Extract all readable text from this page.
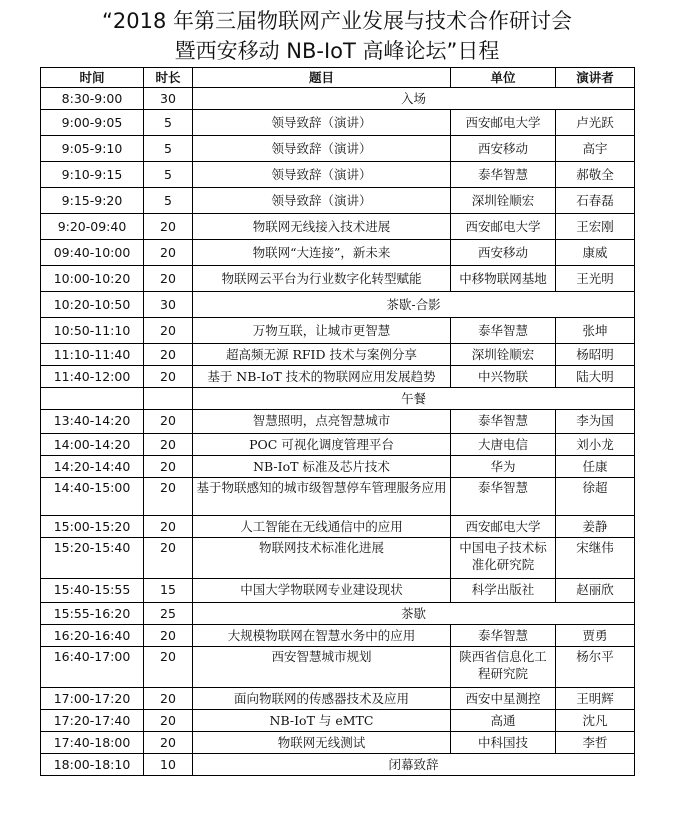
“2018 年第三届物联网产业发展与技术合作研讨会
暨西安移动 NB-IoT 高峰论坛”日程
时间	时长	题目	单位	演讲者
8:30-9:00	30	入场		
9:00-9:05	5	领导致辞（演讲）	西安邮电大学	卢光跃
9:05-9:10	5	领导致辞（演讲）	西安移动	高宇
9:10-9:15	5	领导致辞（演讲）	泰华智慧	郝敬全
9:15-9:20	5	领导致辞（演讲）	深圳铨顺宏	石春磊
9:20-09:40	20	物联网无线接入技术进展	西安邮电大学	王宏刚
09:40-10:00	20	物联网“大连接”，新未来	西安移动	康威
10:00-10:20	20	物联网云平台为行业数字化转型赋能	中移物联网基地	王光明
10:20-10:50	30	茶歇-合影		
10:50-11:10	20	万物互联，让城市更智慧	泰华智慧	张坤
11:10-11:40	20	超高频无源 RFID 技术与案例分享	深圳铨顺宏	杨昭明
11:40-12:00	20	基于 NB-IoT 技术的物联网应用发展趋势	中兴物联	陆大明
		午餐		
13:40-14:20	20	智慧照明，点亮智慧城市	泰华智慧	李为国
14:00-14:20	20	POC 可视化调度管理平台	大唐电信	刘小龙
14:20-14:40	20	NB-IoT 标准及芯片技术	华为	任康
14:40-15:00	20	基于物联感知的城市级智慧停车管理服务应用	泰华智慧	徐超
15:00-15:20	20	人工智能在无线通信中的应用	西安邮电大学	姜静
15:20-15:40	20	物联网技术标准化进展	中国电子技术标准化研究院	宋继伟
15:40-15:55	15	中国大学物联网专业建设现状	科学出版社	赵丽欣
15:55-16:20	25	茶歇		
16:20-16:40	20	大规模物联网在智慧水务中的应用	泰华智慧	贾勇
16:40-17:00	20	西安智慧城市规划	陕西省信息化工程研究院	杨尔平
17:00-17:20	20	面向物联网的传感器技术及应用	西安中星测控	王明辉
17:20-17:40	20	NB-IoT 与 eMTC	高通	沈凡
17:40-18:00	20	物联网无线测试	中科国技	李哲
18:00-18:10	10	闭幕致辞		
